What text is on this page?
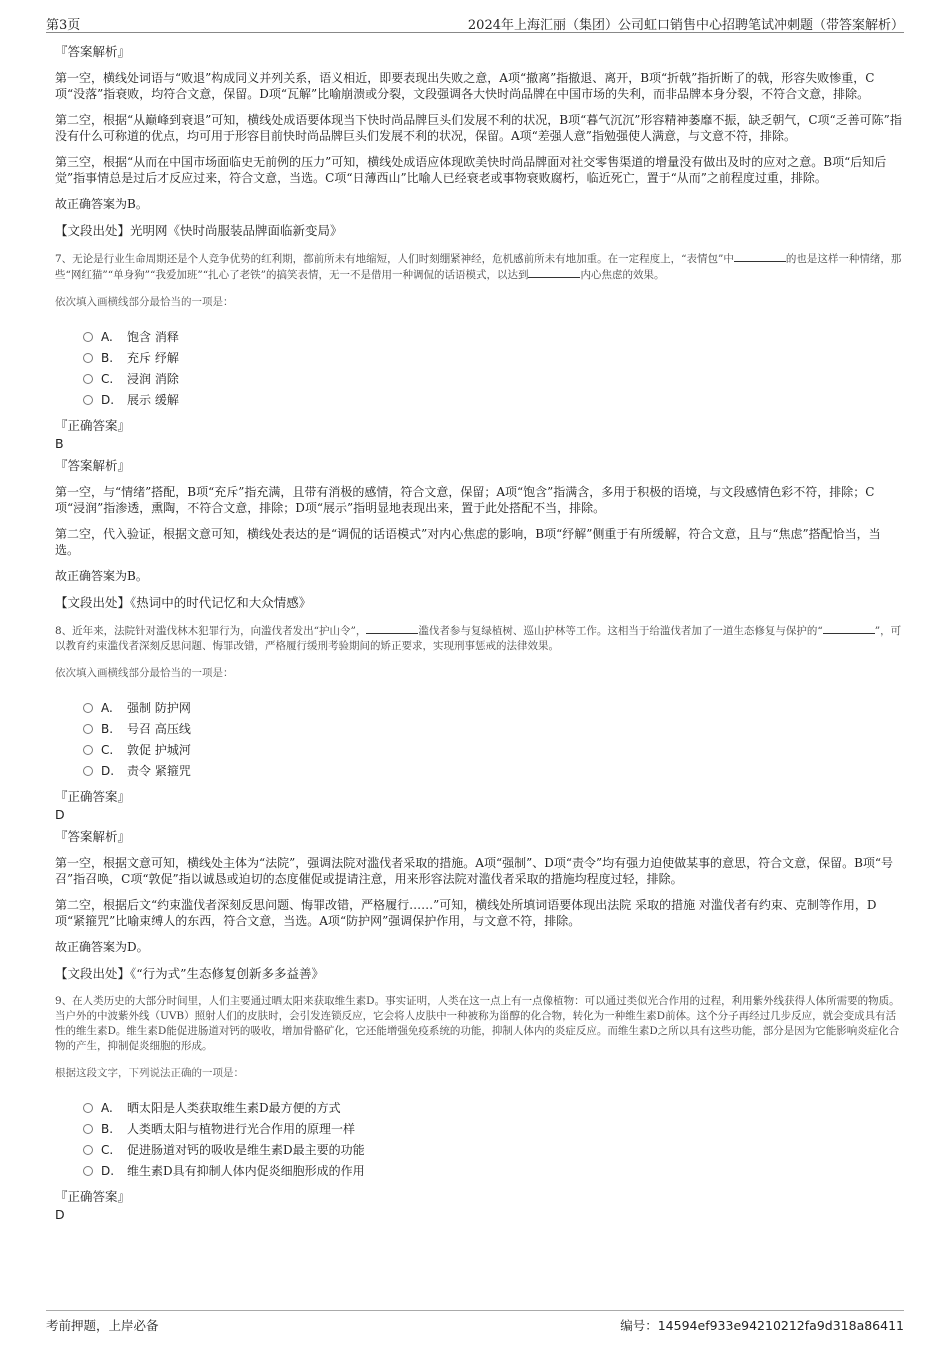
第3页	2024年上海汇丽（集团）公司虹口销售中心招聘笔试冲刺题（带答案解析）
『答案解析』

第一空，横线处词语与“败退”构成同义并列关系，语义相近，即要表现出失败之意，A项“撤离”指撤退、离开，B项“折戟”指折断了的戟，形容失败惨重，C项“没落”指衰败，均符合文意，保留。D项“瓦解”比喻崩溃或分裂，文段强调各大快时尚品牌在中国市场的失利，而非品牌本身分裂，不符合文意，排除。

第二空，根据“从巅峰到衰退”可知，横线处成语要体现当下快时尚品牌巨头们发展不利的状况，B项“暮气沉沉”形容精神萎靡不振，缺乏朝气，C项“乏善可陈”指没有什么可称道的优点，均可用于形容目前快时尚品牌巨头们发展不利的状况，保留。A项“差强人意”指勉强使人满意，与文意不符，排除。

第三空，根据“从而在中国市场面临史无前例的压力”可知，横线处成语应体现欧美快时尚品牌面对社交零售渠道的增量没有做出及时的应对之意。B项“后知后觉”指事情总是过后才反应过来，符合文意，当选。C项“日薄西山”比喻人已经衰老或事物衰败腐朽，临近死亡，置于“从而”之前程度过重，排除。

故正确答案为B。

【文段出处】光明网《快时尚服装品牌面临新变局》
7、无论是行业生命周期还是个人竞争优势的红利期，都前所未有地缩短，人们时刻绷紧神经，危机感前所未有地加重。在一定程度上，“表情包”中	的也是这样一种情绪，那些“网红猫”“单身狗”“我爱加班”“扎心了老铁”的搞笑表情，无一不是借用一种调侃的话语模式，以达到	内心焦虑的效果。
依次填入画横线部分最恰当的一项是：
A.	饱含 消释
B.	充斥 纾解
C.	浸润 消除
D.	展示 缓解
『正确答案』
B
『答案解析』

第一空，与“情绪”搭配，B项“充斥”指充满，且带有消极的感情，符合文意，保留；A项“饱含”指满含，多用于积极的语境，与文段感情色彩不符，排除；C项“浸润”指渗透，熏陶，不符合文意，排除；D项“展示”指明显地表现出来，置于此处搭配不当，排除。

第二空，代入验证，根据文意可知，横线处表达的是“调侃的话语模式”对内心焦虑的影响，B项“纾解”侧重于有所缓解，符合文意，且与“焦虑”搭配恰当，当选。

故正确答案为B。

【文段出处】《热词中的时代记忆和大众情感》
8、近年来，法院针对滥伐林木犯罪行为，向滥伐者发出“护山令”，	滥伐者参与复绿植树、巡山护林等工作。这相当于给滥伐者加了一道生态修复与保护的“	”，可以教育约束滥伐者深刻反思问题、悔罪改错，严格履行缓刑考验期间的矫正要求，实现刑事惩戒的法律效果。
依次填入画横线部分最恰当的一项是：
A.	强制 防护网
B.	号召 高压线
C.	敦促 护城河
D.	责令 紧箍咒
『正确答案』
D
『答案解析』

第一空，根据文意可知，横线处主体为“法院”，强调法院对滥伐者采取的措施。A项“强制”、D项“责令”均有强力迫使做某事的意思，符合文意，保留。B项“号召”指召唤，C项“敦促”指以诚恳或迫切的态度催促或提请注意，用来形容法院对滥伐者采取的措施均程度过轻，排除。

第二空，根据后文“约束滥伐者深刻反思问题、悔罪改错，严格履行……”可知，横线处所填词语要体现出法院 采取的措施 对滥伐者有约束、克制等作用，D项“紧箍咒”比喻束缚人的东西，符合文意，当选。A项“防护网”强调保护作用，与文意不符，排除。

故正确答案为D。

【文段出处】《“行为式”生态修复创新多多益善》
9、在人类历史的大部分时间里，人们主要通过晒太阳来获取维生素D。事实证明，人类在这一点上有一点像植物：可以通过类似光合作用的过程，利用紫外线获得人体所需要的物质。当户外的中波紫外线（UVB）照射人们的皮肤时，会引发连锁反应，它会将人皮肤中一种被称为甾醇的化合物，转化为一种维生素D前体。这个分子再经过几步反应，就会变成具有活性的维生素D。维生素D能促进肠道对钙的吸收，增加骨骼矿化，它还能增强免疫系统的功能，抑制人体内的炎症反应。而维生素D之所以具有这些功能，部分是因为它能影响炎症化合物的产生，抑制促炎细胞的形成。
根据这段文字，下列说法正确的一项是：
A.	晒太阳是人类获取维生素D最方便的方式
B.	人类晒太阳与植物进行光合作用的原理一样
C.	促进肠道对钙的吸收是维生素D最主要的功能
D.	维生素D具有抑制人体内促炎细胞形成的作用
『正确答案』
D
考前押题，上岸必备	编号：14594ef933e94210212fa9d318a86411
